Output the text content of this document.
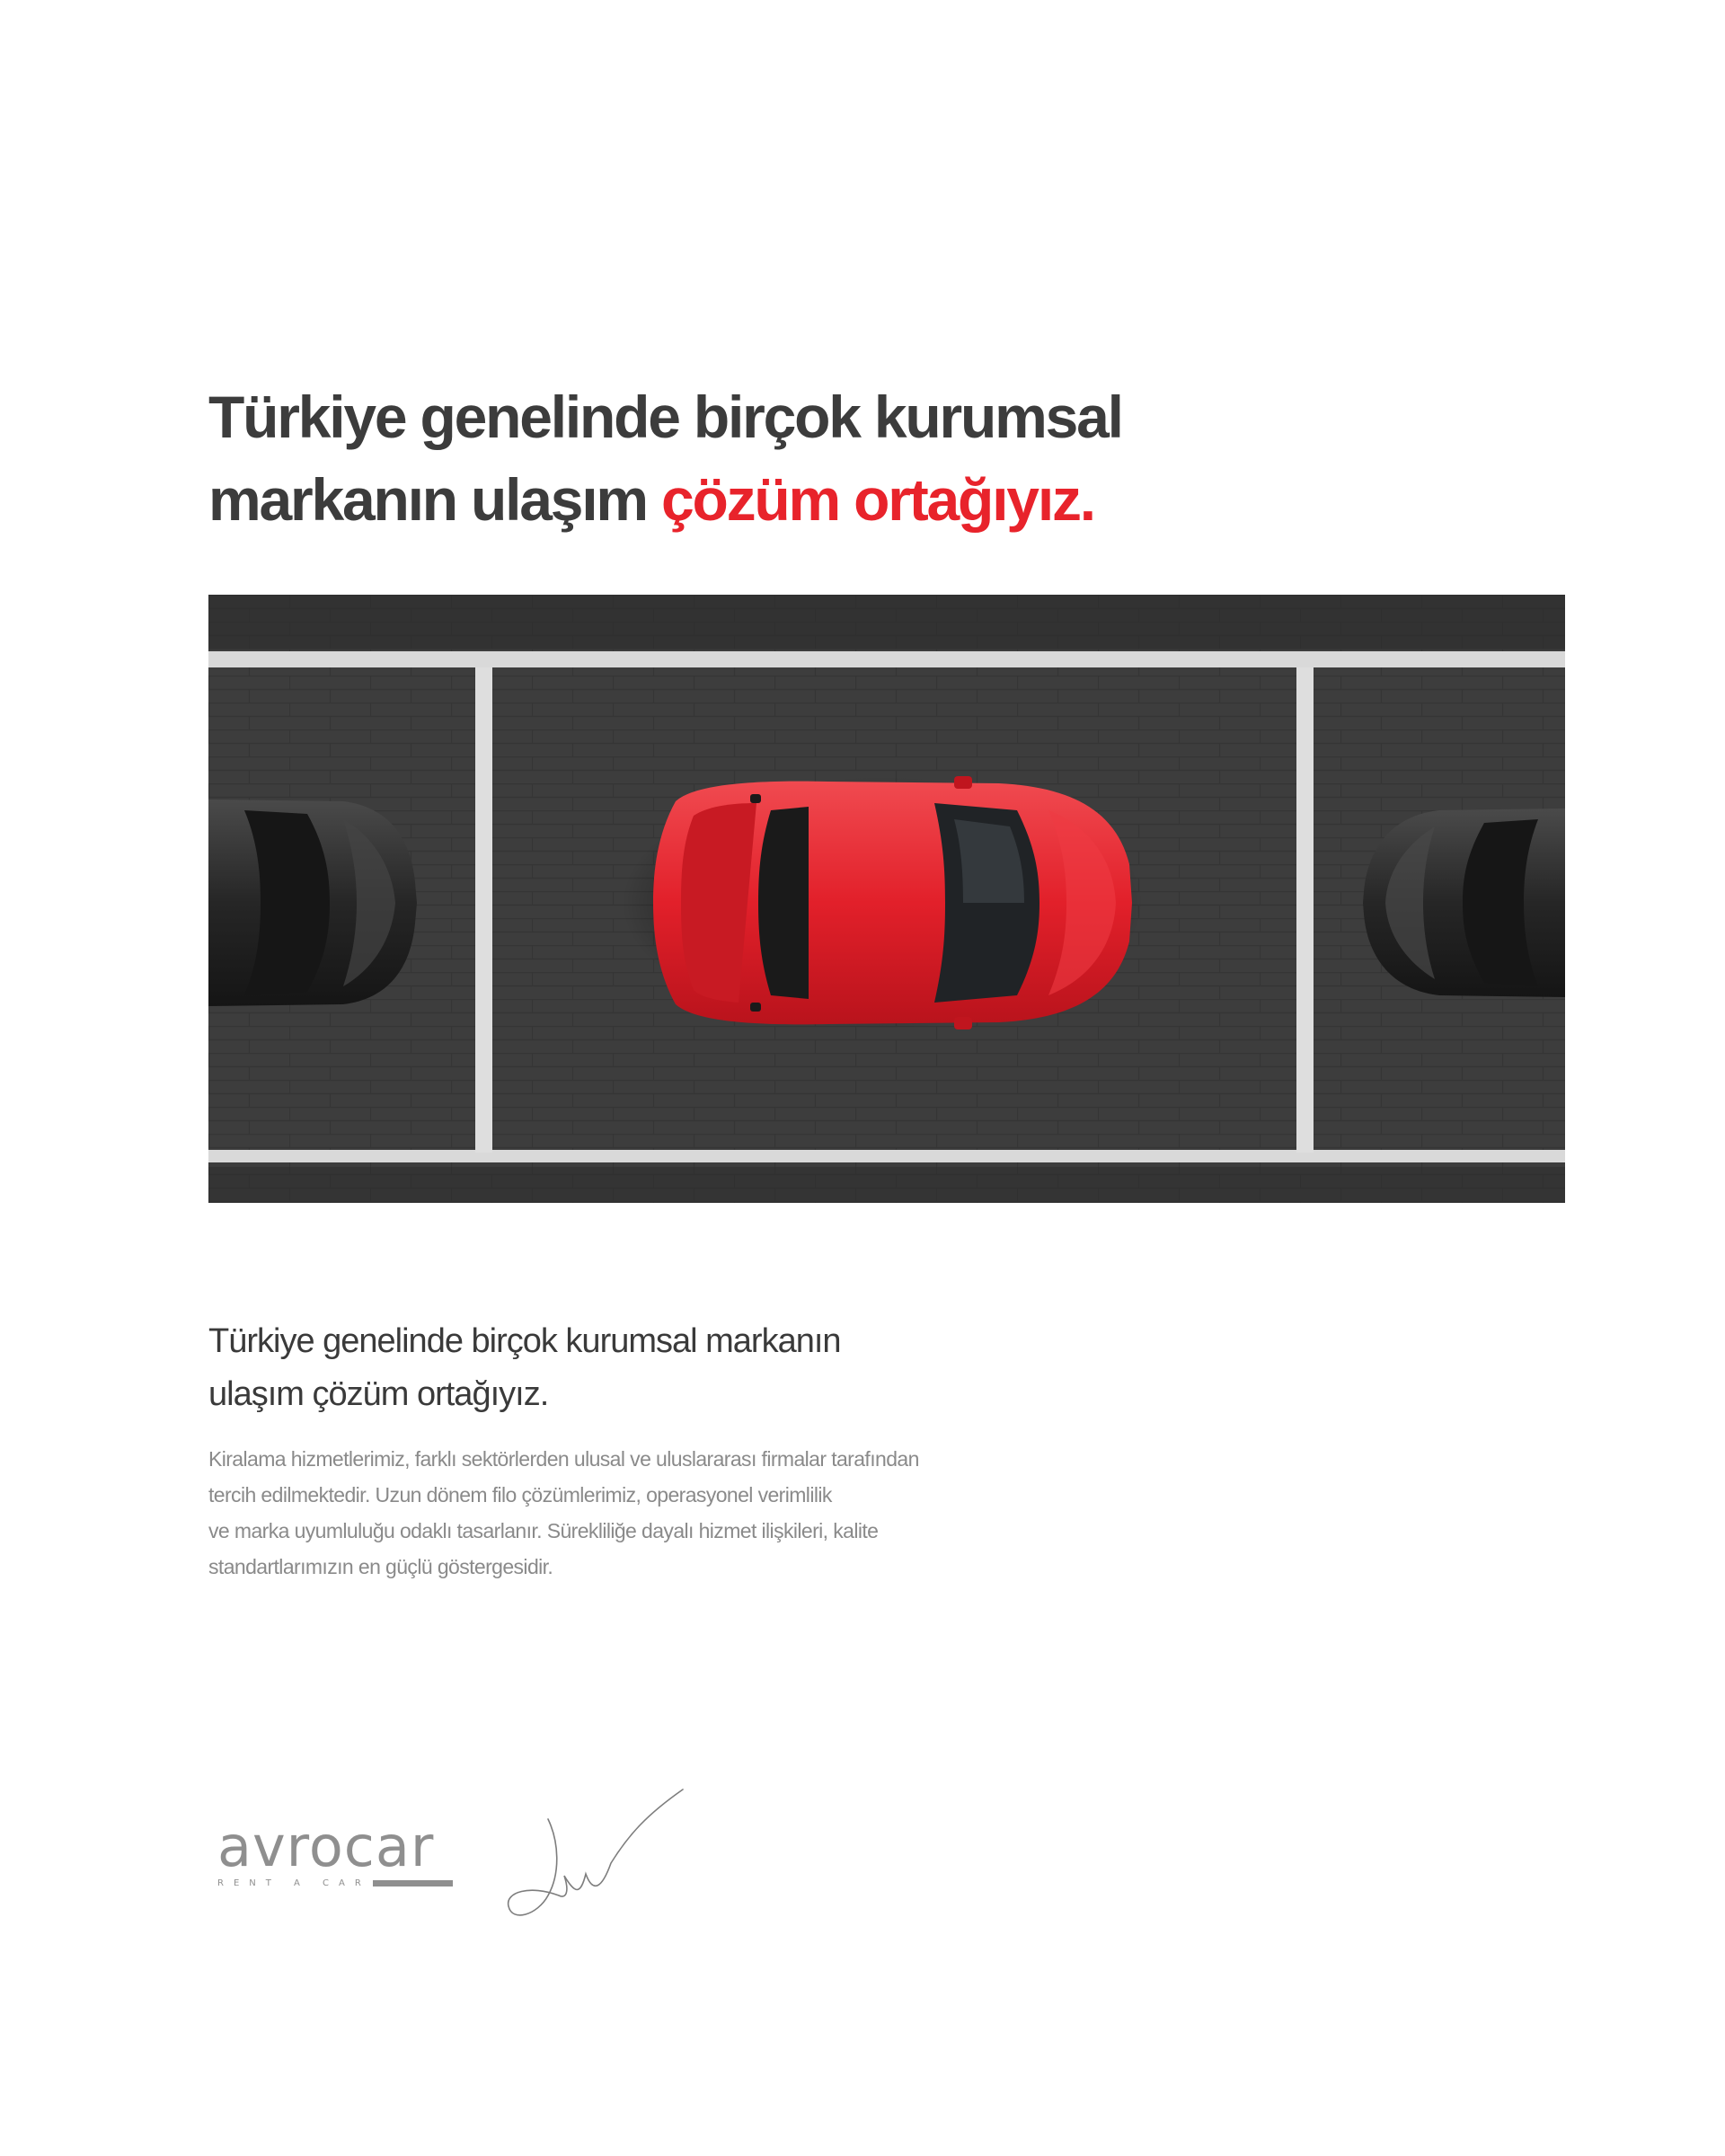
Türkiye genelinde birçok kurumsal
markanın ulaşım çözüm ortağıyız.
Türkiye genelinde birçok kurumsal markanın
ulaşım çözüm ortağıyız.

Kiralama hizmetlerimiz, farklı sektörlerden ulusal ve uluslararası firmalar tarafından
tercih edilmektedir. Uzun dönem filo çözümlerimiz, operasyonel verimlilik
ve marka uyumluluğu odaklı tasarlanır. Sürekliliğe dayalı hizmet ilişkileri, kalite
standartlarımızın en güçlü göstergesidir.

avrocar
RENT A CAR
